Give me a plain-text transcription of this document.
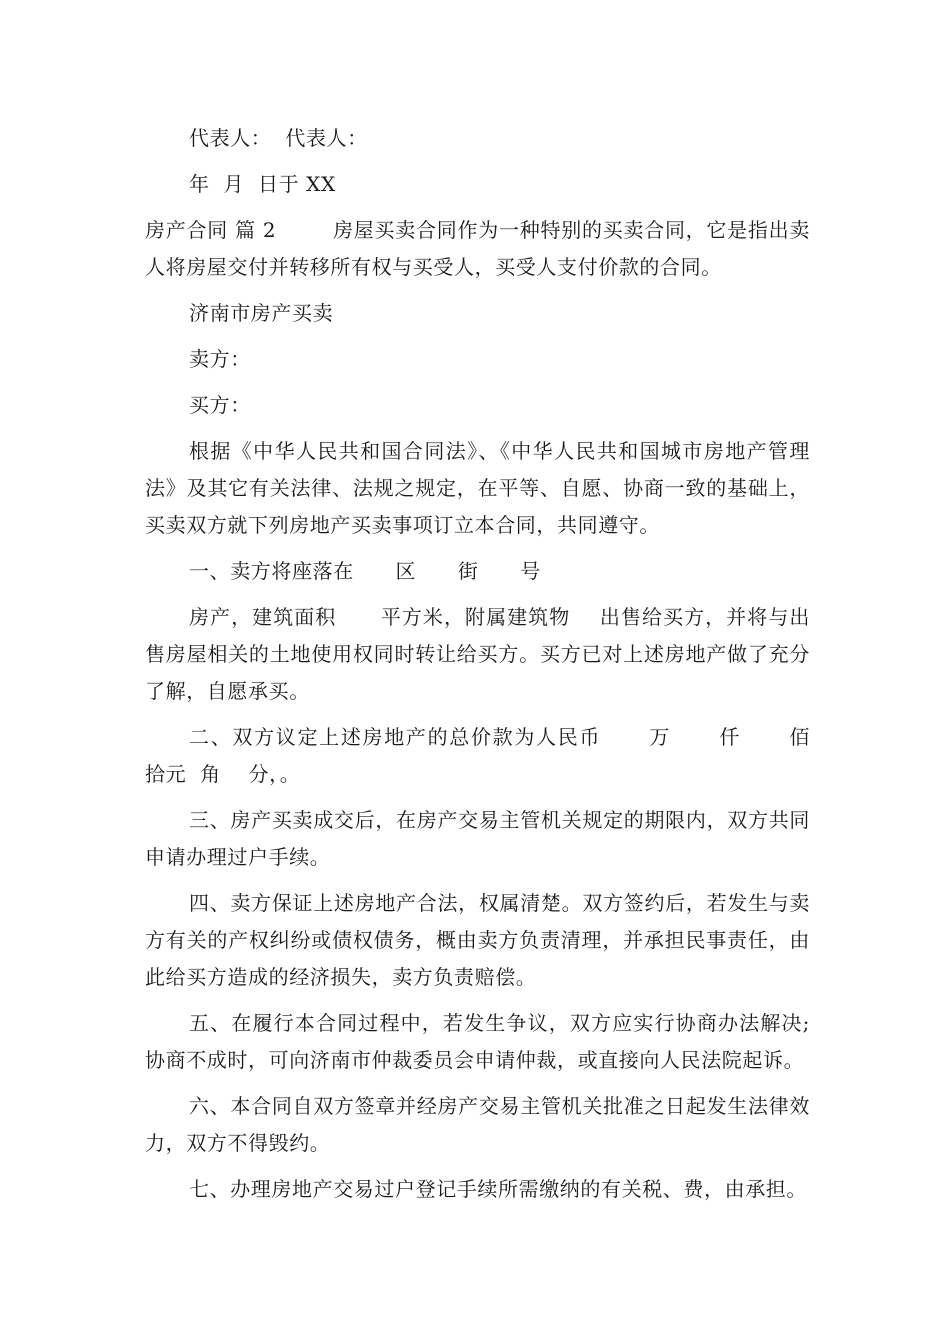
代表人：  代表人：

年  月  日于 XX

房产合同 篇 2	房屋买卖合同作为一种特别的买卖合同，它是指出卖人将房屋交付并转移所有权与买受人，买受人支付价款的合同。

济南市房产买卖

卖方：

买方：

根据《中华人民共和国合同法》、《中华人民共和国城市房地产管理法》及其它有关法律、法规之规定，在平等、自愿、协商一致的基础上，买卖双方就下列房地产买卖事项订立本合同，共同遵守。

一、卖方将座落在      区      街      号

房产，建筑面积      平方米，附属建筑物    出售给买方，并将与出售房屋相关的土地使用权同时转让给买方。买方已对上述房地产做了充分了解，自愿承买。

二、双方议定上述房地产的总价款为人民币      万      仟      佰      拾元  角    分，。

三、房产买卖成交后，在房产交易主管机关规定的期限内，双方共同申请办理过户手续。

四、卖方保证上述房地产合法，权属清楚。双方签约后，若发生与卖方有关的产权纠纷或债权债务，概由卖方负责清理，并承担民事责任，由此给买方造成的经济损失，卖方负责赔偿。

五、在履行本合同过程中，若发生争议，双方应实行协商办法解决;协商不成时，可向济南市仲裁委员会申请仲裁，或直接向人民法院起诉。

六、本合同自双方签章并经房产交易主管机关批准之日起发生法律效力，双方不得毁约。

七、办理房地产交易过户登记手续所需缴纳的有关税、费，由承担。
